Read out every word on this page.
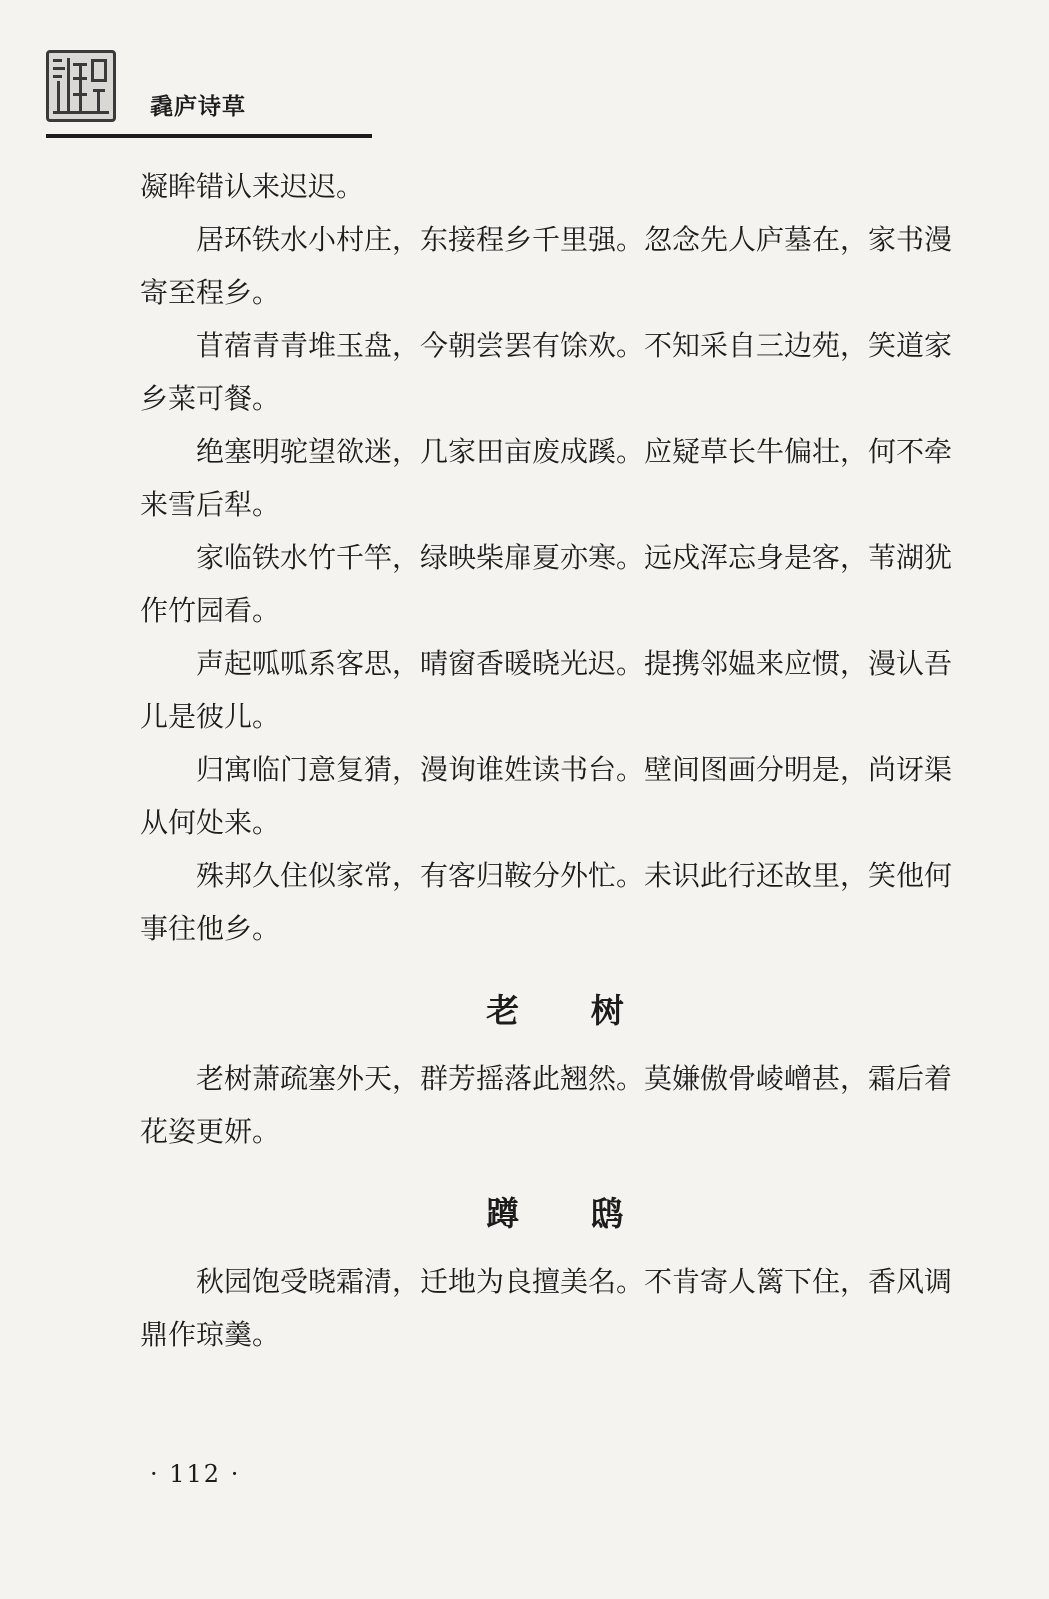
毳庐诗草

凝眸错认来迟迟。

居环铁水小村庄，东接程乡千里强。忽念先人庐墓在，家书漫寄至程乡。

苜蓿青青堆玉盘，今朝尝罢有馀欢。不知采自三边苑，笑道家乡菜可餐。

绝塞明驼望欲迷，几家田亩废成蹊。应疑草长牛偏壮，何不牵来雪后犁。

家临铁水竹千竿，绿映柴扉夏亦寒。远戍浑忘身是客，苇湖犹作竹园看。

声起呱呱系客思，晴窗香暖晓光迟。提携邻媪来应惯，漫认吾儿是彼儿。

归寓临门意复猜，漫询谁姓读书台。壁间图画分明是，尚讶渠从何处来。

殊邦久住似家常，有客归鞍分外忙。未识此行还故里，笑他何事往他乡。

老 树

老树萧疏塞外天，群芳摇落此翘然。莫嫌傲骨崚嶒甚，霜后着花姿更妍。

蹲 鸱

秋园饱受晓霜清，迁地为良擅美名。不肯寄人篱下住，香风调鼎作琼羹。

· 112 ·
